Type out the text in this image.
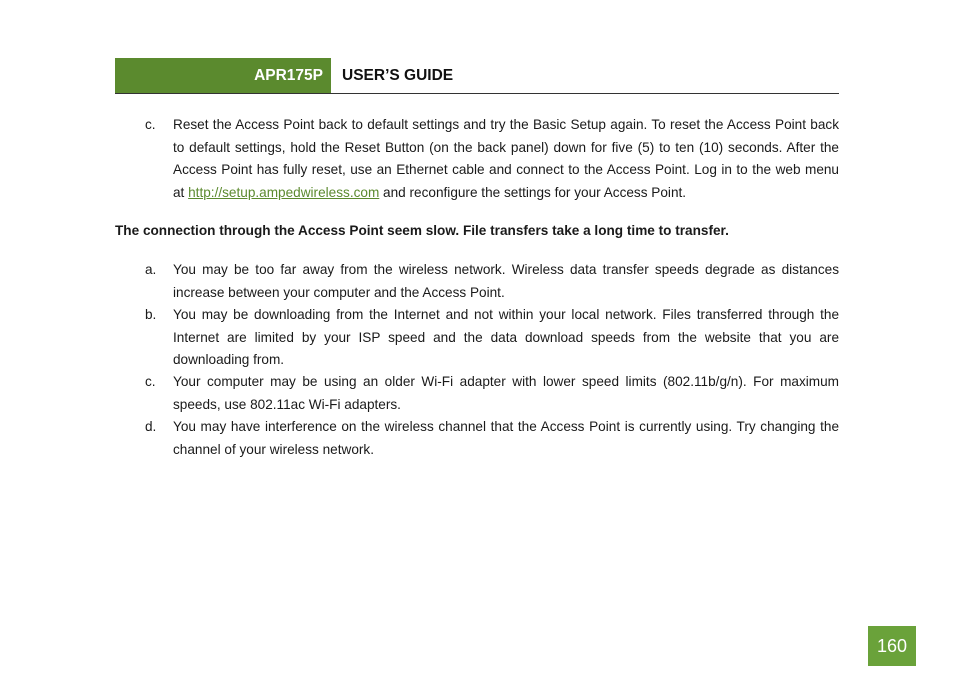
APR175P USER’S GUIDE
c. Reset the Access Point back to default settings and try the Basic Setup again. To reset the Access Point back to default settings, hold the Reset Button (on the back panel) down for five (5) to ten (10) seconds. After the Access Point has fully reset, use an Ethernet cable and connect to the Access Point. Log in to the web menu at http://setup.ampedwireless.com and reconfigure the settings for your Access Point.
The connection through the Access Point seem slow. File transfers take a long time to transfer.
a. You may be too far away from the wireless network. Wireless data transfer speeds degrade as distances increase between your computer and the Access Point.
b. You may be downloading from the Internet and not within your local network. Files transferred through the Internet are limited by your ISP speed and the data download speeds from the website that you are downloading from.
c. Your computer may be using an older Wi-Fi adapter with lower speed limits (802.11b/g/n). For maximum speeds, use 802.11ac Wi-Fi adapters.
d. You may have interference on the wireless channel that the Access Point is currently using. Try changing the channel of your wireless network.
160
